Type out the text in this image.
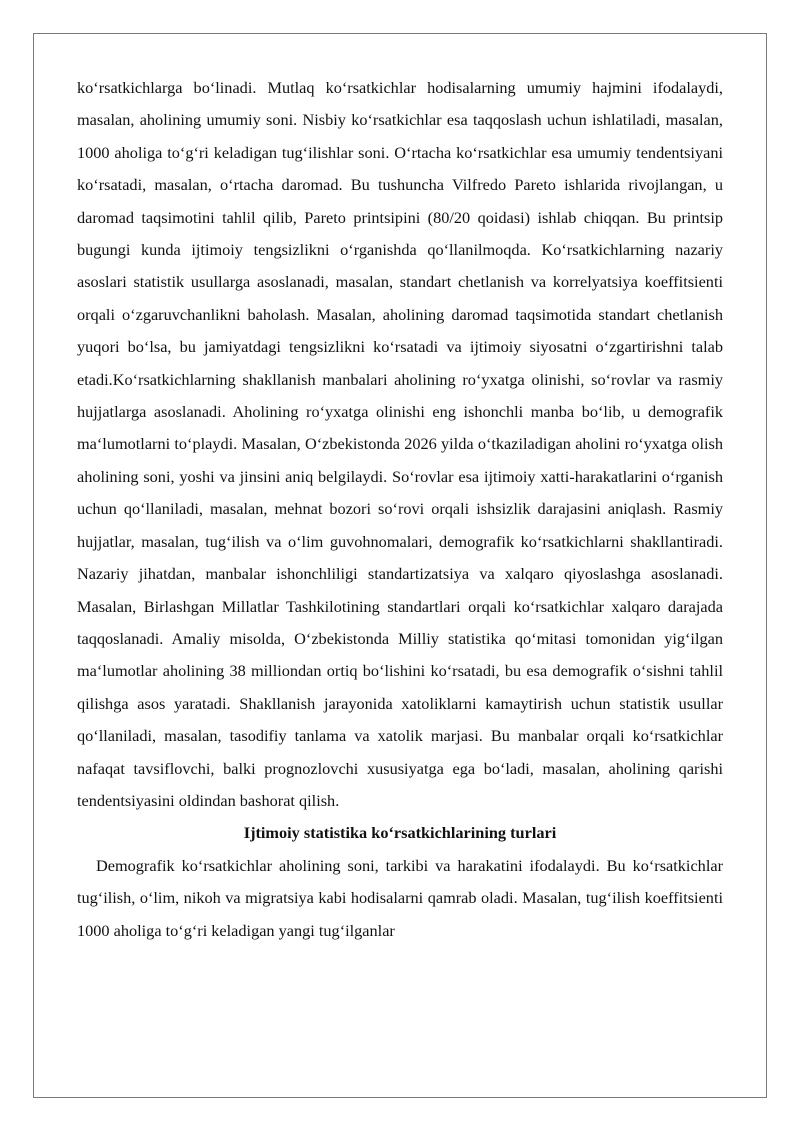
ko‘rsatkichlarga bo‘linadi. Mutlaq ko‘rsatkichlar hodisalarning umumiy hajmini ifodalaydi, masalan, aholining umumiy soni. Nisbiy ko‘rsatkichlar esa taqqoslash uchun ishlatiladi, masalan, 1000 aholiga to‘g‘ri keladigan tug‘ilishlar soni. O‘rtacha ko‘rsatkichlar esa umumiy tendentsiyani ko‘rsatadi, masalan, o‘rtacha daromad. Bu tushuncha Vilfredo Pareto ishlarida rivojlangan, u daromad taqsimotini tahlil qilib, Pareto printsipini (80/20 qoidasi) ishlab chiqqan. Bu printsip bugungi kunda ijtimoiy tengsizlikni o‘rganishda qo‘llanilmoqda. Ko‘rsatkichlarning nazariy asoslari statistik usullarga asoslanadi, masalan, standart chetlanish va korrelyatsiya koeffitsienti orqali o‘zgaruvchanlikni baholash. Masalan, aholining daromad taqsimotida standart chetlanish yuqori bo‘lsa, bu jamiyatdagi tengsizlikni ko‘rsatadi va ijtimoiy siyosatni o‘zgartirishni talab etadi.Ko‘rsatkichlarning shakllanish manbalari aholining ro‘yxatga olinishi, so‘rovlar va rasmiy hujjatlarga asoslanadi. Aholining ro‘yxatga olinishi eng ishonchli manba bo‘lib, u demografik ma‘lumotlarni to‘playdi. Masalan, O‘zbekistonda 2026 yilda o‘tkaziladigan aholini ro‘yxatga olish aholining soni, yoshi va jinsini aniq belgilaydi. So‘rovlar esa ijtimoiy xatti-harakatlarini o‘rganish uchun qo‘llaniladi, masalan, mehnat bozori so‘rovi orqali ishsizlik darajasini aniqlash. Rasmiy hujjatlar, masalan, tug‘ilish va o‘lim guvohnomalari, demografik ko‘rsatkichlarni shakllantiradi. Nazariy jihatdan, manbalar ishonchliligi standartizatsiya va xalqaro qiyoslashga asoslanadi. Masalan, Birlashgan Millatlar Tashkilotining standartlari orqali ko‘rsatkichlar xalqaro darajada taqqoslanadi. Amaliy misolda, O‘zbekistonda Milliy statistika qo‘mitasi tomonidan yig‘ilgan ma‘lumotlar aholining 38 milliondan ortiq bo‘lishini ko‘rsatadi, bu esa demografik o‘sishni tahlil qilishga asos yaratadi. Shakllanish jarayonida xatoliklarni kamaytirish uchun statistik usullar qo‘llaniladi, masalan, tasodifiy tanlama va xatolik marjasi. Bu manbalar orqali ko‘rsatkichlar nafaqat tavsiflovchi, balki prognozlovchi xususiyatga ega bo‘ladi, masalan, aholining qarishi tendentsiyasini oldindan bashorat qilish.

Ijtimoiy statistika ko‘rsatkichlarining turlari

Demografik ko‘rsatkichlar aholining soni, tarkibi va harakatini ifodalaydi. Bu ko‘rsatkichlar tug‘ilish, o‘lim, nikoh va migratsiya kabi hodisalarni qamrab oladi. Masalan, tug‘ilish koeffitsienti 1000 aholiga to‘g‘ri keladigan yangi tug‘ilganlar
